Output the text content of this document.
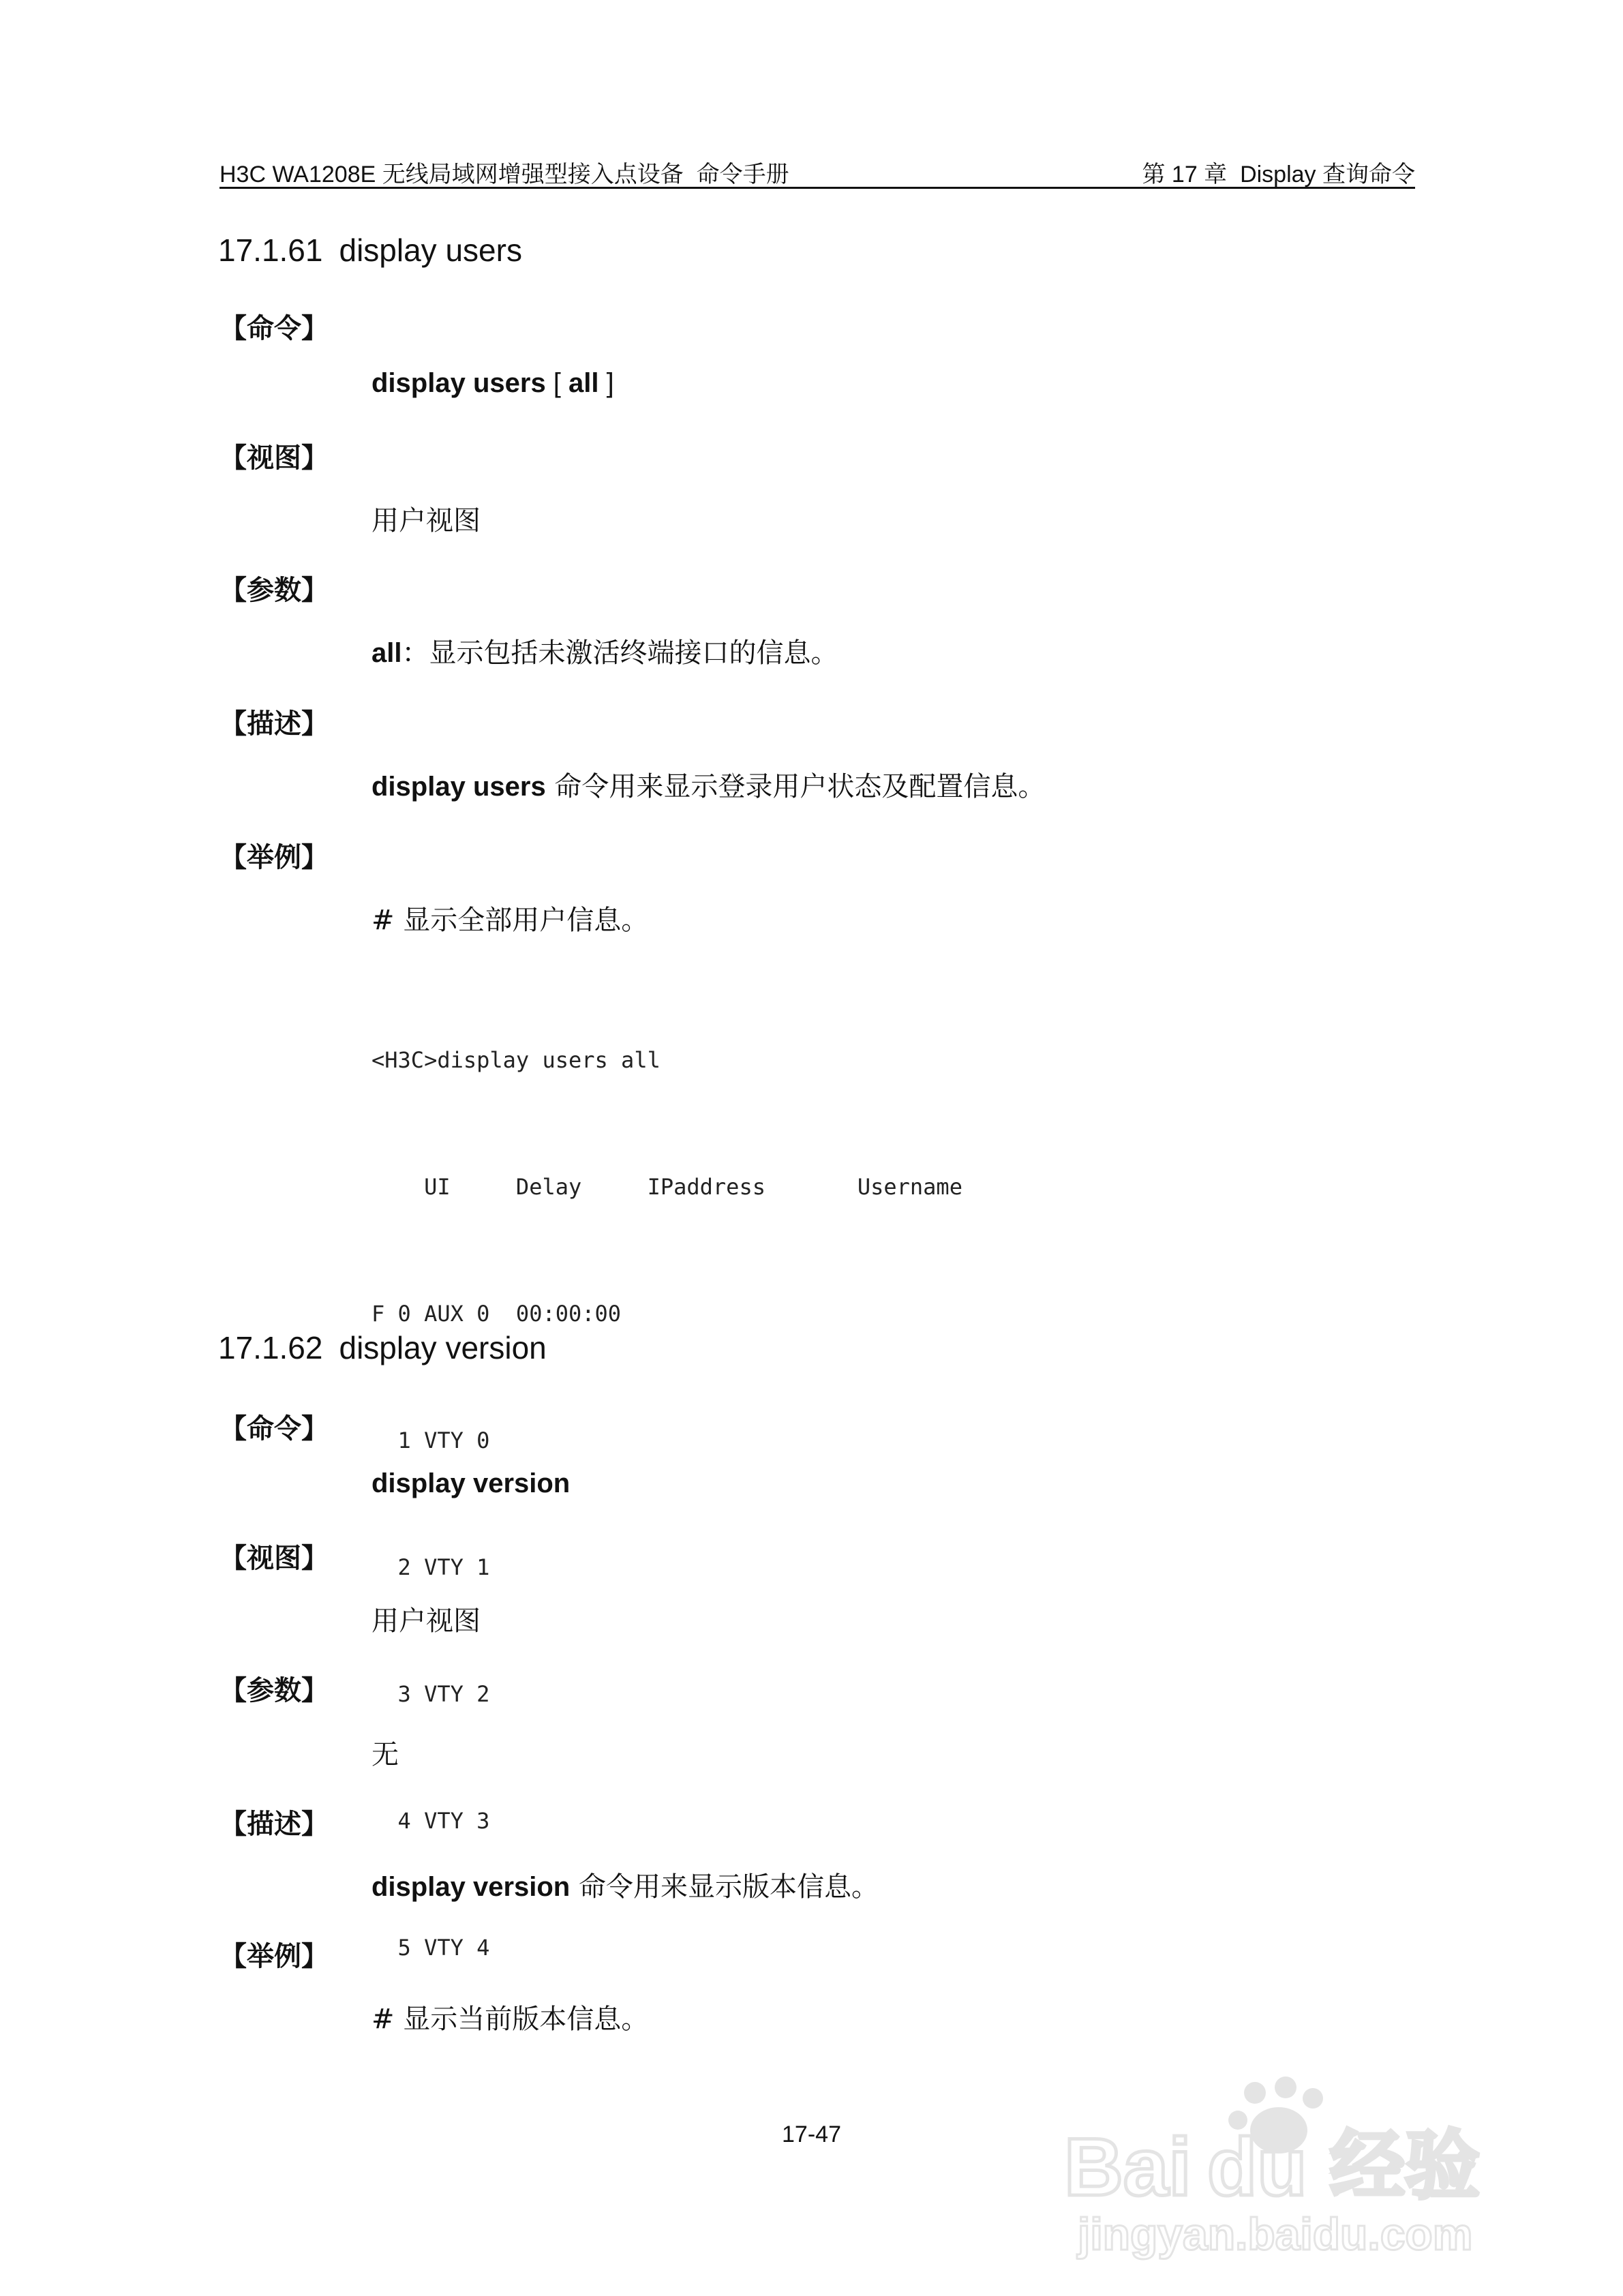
H3C WA1208E 无线局域网增强型接入点设备  命令手册	第 17 章  Display 查询命令
17.1.61 display users
【命令】
display users [ all ]
【视图】
用户视图
【参数】
all：显示包括未激活终端接口的信息。
【描述】
display users 命令用来显示登录用户状态及配置信息。
【举例】
# 显示全部用户信息。

<H3C>display users all

UI     Delay     IPaddress       Username

F 0 AUX 0  00:00:00

1 VTY 0

2 VTY 1

3 VTY 2

4 VTY 3

5 VTY 4

17.1.62 display version
【命令】
display version
【视图】
用户视图
【参数】
无
【描述】
display version 命令用来显示版本信息。
【举例】
# 显示当前版本信息。
17-47	Bai du 经验
jingyan.baidu.com
